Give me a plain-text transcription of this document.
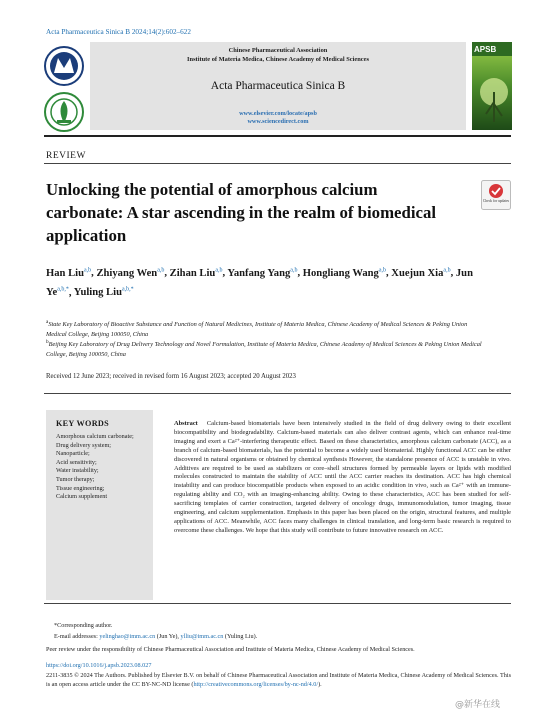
Acta Pharmaceutica Sinica B 2024;14(2):602–622
Chinese Pharmaceutical Association
Institute of Materia Medica, Chinese Academy of Medical Sciences
Acta Pharmaceutica Sinica B
www.elsevier.com/locate/apsb
www.sciencedirect.com
APSB
REVIEW
Unlocking the potential of amorphous calcium carbonate: A star ascending in the realm of biomedical application
Check for updates
Han Liu$^{a,b}$, Zhiyang Wen$^{a,b}$, Zihan Liu$^{a,b}$, Yanfang Yang$^{a,b}$, Hongliang Wang$^{a,b}$, Xuejun Xia$^{a,b}$, Jun $Ye^{a,b,*}$, Yuling Liu$^{a,b,*}$
$^a$State Key Laboratory of Bioactive Substance and Function of Natural Medicines, Institute of Materia Medica, Chinese Academy of Medical Sciences & Peking Union Medical College, Beijing 100050, China
$^b$Beijing Key Laboratory of Drug Delivery Technology and Novel Formulation, Institute of Materia Medica, Chinese Academy of Medical Sciences & Peking Union Medical College, Beijing 100050, China
Received 12 June 2023; received in revised form 16 August 2023; accepted 20 August 2023
KEY WORDS
Amorphous calcium carbonate;
Drug delivery system;
Nanoparticle;
Acid sensitivity;
Water instability;
Tumor therapy;
Tissue engineering;
Calcium supplement
Abstract Calcium-based biomaterials have been intensively studied in the field of drug delivery owing to their excellent biocompatibility and biodegradability. Calcium-based materials can also deliver contrast agents, which can enhance real-time imaging and exert a Ca²⁺-interfering therapeutic effect. Based on these characteristics, amorphous calcium carbonate (ACC), as a branch of calcium-based biomaterials, has the potential to become a widely used biomaterial. Highly functional ACC can be either discovered in natural organisms or obtained by chemical synthesis However, the standalone presence of ACC is unstable in vivo. Additives are required to be used as stabilizers or core–shell structures formed by permeable layers or lipids with modified molecules constructed to maintain the stability of ACC until the ACC carrier reaches its destination. ACC has high chemical instability and can produce biocompatible products when exposed to an acidic condition in vivo, such as Ca²⁺ with an immune-regulating ability and CO₂ with an imaging-enhancing ability. Owing to these characteristics, ACC has been studied for self-sacrificing templates of carrier construction, targeted delivery of oncology drugs, immunomodulation, tumor imaging, tissue engineering, and calcium supplementation. Emphasis in this paper has been placed on the origin, structural features, and multiple applications of ACC. Meanwhile, ACC faces many challenges in clinical translation, and long-term basic research is required to overcome these challenges. We hope that this study will contribute to future innovative research on ACC.
*Corresponding author.
E-mail addresses: yelinghao@imm.ac.cn (Jun Ye), ylliu@imm.ac.cn (Yuling Liu).
Peer review under the responsibility of Chinese Pharmaceutical Association and Institute of Materia Medica, Chinese Academy of Medical Sciences.
https://doi.org/10.1016/j.apsb.2023.08.027
2211-3835 © 2024 The Authors. Published by Elsevier B.V. on behalf of Chinese Pharmaceutical Association and Institute of Materia Medica, Chinese Academy of Medical Sciences. This is an open access article under the CC BY-NC-ND license (http://creativecommons.org/licenses/by-nc-nd/4.0/).
@新华在线
